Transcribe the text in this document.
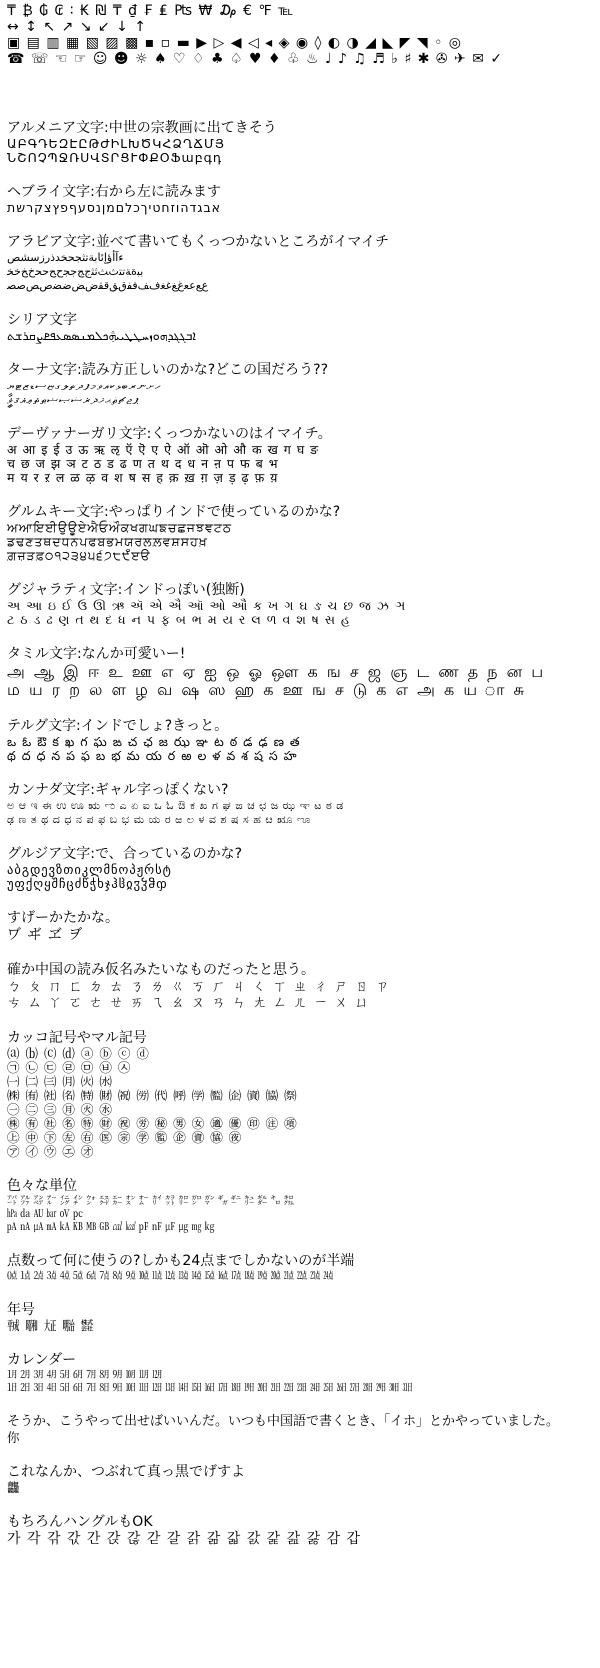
₸ ₿ ₲ ₢ ∶ ₭ ₪ ₸ ₫ ₣ ₤ ₧ ₩ ₯ € ℉ ℡
↔ ↕ ↖ ↗ ↘ ↙ ↓ ↑
▣ ▤ ▥ ▦ ▧ ▨ ▩ ▪ ▫ ▬ ▶ ▷ ◀ ◁ ◂ ◈ ◉ ◊ ◐ ◑ ◢ ◣ ◤ ◥ ◦ ◎
☎ ☏ ☜ ☞ ☺ ☻ ☼ ♠ ♡ ♢ ♣ ♤ ♥ ♦ ♧ ♨ ♩ ♪ ♫ ♬ ♭ ♯ ✱ ✇ ✈ ✉ ✓
アルメニア文字:中世の宗教画に出てきそう
ԱԲԳԴԵԶԷԸԹԺԻԼԽԾԿՀՁՂՃՄՅ
ՆՇՈՉՊՋՌՍՎՏՐՑՒՓՔՕՖաբգդ
ヘブライ文字:右から左に読みます
אבגדהוזחטיךכלםמןנסעףפץצקרשת
アラビア文字:並べて書いてもくっつかないところがイマイチ
ءآأؤإئابةتثجحخدذرزسشص
ﺑﺒﺓﺔﺗﺘﺙﺚﺛﺜﺝﺞﺟﺠﺡﺢﺣﺤﺥﺦﺧﺨ
ﻉﻊﻋﻌﻍﻎﻏﻐﻑﻒﻓﻔﻕﻖﻗﻘﺽﺾﺿﻀﺹﺺﺻﺼ
シリア文字
ܐܒܓܔܕܗܘܙܚܛܜܝܞܟܠܡܢܣܤܥܦܧܨܩܪܫܬ
ターナ文字:読み方正しいのかな?どこの国だろう??
ހށނރބޅކއވމފދތލގޏސޑޒޓޔ
ޕޖޗޘޙޚޛޜޝޞޟޠޡޢޣޤޥަާިީ
デーヴァナーガリ文字:くっつかないのはイマイチ。
अ आ इ ई उ ऊ ऋ ऌ ऍ ऎ ए ऐ ऑ ऒ ओ औ क ख ग घ ङ
च छ ज झ ञ ट ठ ड ढ ण त थ द ध न ऩ प फ ब भ
म य र ऱ ल ळ ऴ व श ष स ह क़ ख़ ग़ ज़ ड़ ढ़ फ़ य़
グルムキー文字:やっぱりインドで使っているのかな?
ਅਆਇਈਉਊਏਐਓਔਕਖਗਘਙਚਛਜਝਞਟਠ
ਡਢਣਤਥਦਧਨਪਫਬਭਮਯਰਲਲ਼ਵਸ਼ਸਹਖ਼
ਗ਼ਜ਼ੜਫ਼੦੧੨੩੪੫੬੭੮੯ੰੱੲੳ
グジャラティ文字:インドっぽい(独断)
અ આ ઇ ઈ ઉ ઊ ઋ ઍ એ ઐ ઑ ઓ ઔ ક ખ ગ ઘ ઙ ચ છ જ ઝ ઞ
ટ ઠ ડ ઢ ણ ત થ દ ધ ન પ ફ બ ભ મ ય ર લ ળ વ શ ષ સ હ
タミル文字:なんか可愛いー!
அ ஆ இ ஈ உ ஊ எ ஏ ஐ ஒ ஓ ஔ க ங ச ஜ ஞ ட ண த ந ன ப
ம ய ர ற ல ள ழ வ ஷ ஸ ஹ க ஊ ங ச டு க எ அ க ய ா சு
テルグ文字:インドでしょ?きっと。
ఒ ఓ ఔ క ఖ గ ఘ ఙ చ ఛ జ ఝ ఞ ట ఠ డ ఢ ణ త
థ ద ధ న ప ఫ బ భ మ య ర ఱ ల ళ వ శ ష స హ
カンナダ文字:ギャル字っぽくない?
ಅ ಆ ಇ ಈ ಉ ಊ ಋ ಌ ಎ ಏ ಐ ಒ ಓ ಔ ಕ ಖ ಗ ಘ ಙ ಚ ಛ ಜ ಝ ಞ ಟ ಠ ಡ
ಢ ಣ ತ ಥ ದ ಧ ನ ಪ ಫ ಬ ಭ ಮ ಯ ರ ಱ ಲ ಳ ವ ಶ ಷ ಸ ಹ ೞ ೠ ೡ
グルジア文字:で、合っているのかな?
აბგდევზთიკლმნოპჟრსტ
უფქღყშჩცძწჭხჯჰჱჲჳჴჵჶ
すげーかたかな。
ヷ ヸ ヹ ヺ
確か中国の読み仮名みたいなものだったと思う。
ㄅ ㄆ ㄇ ㄈ ㄉ ㄊ ㄋ ㄌ ㄍ ㄎ ㄏ ㄐ ㄑ ㄒ ㄓ ㄔ ㄕ ㄖ ㄗ
ㄘ ㄙ ㄚ ㄛ ㄜ ㄝ ㄞ ㄟ ㄠ ㄡ ㄢ ㄣ ㄤ ㄥ ㄦ ㄧ ㄨ ㄩ
カッコ記号やマル記号
⒜ ⒝ ⒞ ⒟ ⓐ ⓑ ⓒ ⓓ
㉠ ㉡ ㉢ ㉣ ㉤ ㉥ ㉦
㈠ ㈡ ㈢ ㈪ ㈫ ㈬
㈱ ㈲ ㈳ ㈴ ㈵ ㈶ ㈷ ㈸ ㈹ ㈺ ㈻ ㈼ ㈽ ㈾ ㈿ ㉀
㊀ ㊁ ㊂ ㊊ ㊋ ㊌
㊑ ㊒ ㊓ ㊔ ㊕ ㊖ ㊗ ㊘ ㊙ ㊚ ㊛ ㊜ ㊝ ㊞ ㊟ ㊠
㊤ ㊥ ㊦ ㊧ ㊨ ㊩ ㊪ ㊫ ㊬ ㊭ ㊮ ㊯ ㊰
㋐ ㋑ ㋒ ㋓ ㋔
色々な単位
㌀ ㌁ ㌂ ㌃ ㌄ ㌅ ㌆ ㌇ ㌈ ㌉ ㌊ ㌋ ㌌ ㌍ ㌎ ㌏ ㌐ ㌑ ㌒ ㌓ ㌔ ㌕
㍱ ㍲ ㍳ ㍴ ㍵ ㍶
㎀ ㎁ ㎂ ㎃ ㎄ ㎅ ㎆ ㎇ ㎈ ㎉ ㎊ ㎋ ㎌ ㎍ ㎎ ㎏
点数って何に使うの?しかも24点までしかないのが半端
㍘ ㍙ ㍚ ㍛ ㍜ ㍝ ㍞ ㍟ ㍠ ㍡ ㍢ ㍣ ㍤ ㍥ ㍦ ㍧ ㍨ ㍩ ㍪ ㍫ ㍬ ㍭ ㍮ ㍯ ㍰
年号
㍻ ㍼ ㍽ ㍾ ㍿
カレンダー
㋀ ㋁ ㋂ ㋃ ㋄ ㋅ ㋆ ㋇ ㋈ ㋉ ㋊ ㋋
㏠ ㏡ ㏢ ㏣ ㏤ ㏥ ㏦ ㏧ ㏨ ㏩ ㏪ ㏫ ㏬ ㏭ ㏮ ㏯ ㏰ ㏱ ㏲ ㏳ ㏴ ㏵ ㏶ ㏷ ㏸ ㏹ ㏺ ㏻ ㏼ ㏽ ㏾
そうか、こうやって出せばいいんだ。いつも中国語で書くとき、「イホ」とかやっていました。
你
これなんか、つぶれて真っ黒でげすよ
龘
もちろんハングルもOK
가 각 갂 갃 간 갅 갆 갇 갈 갉 갊 갋 갌 갍 갎 갏 감 갑
